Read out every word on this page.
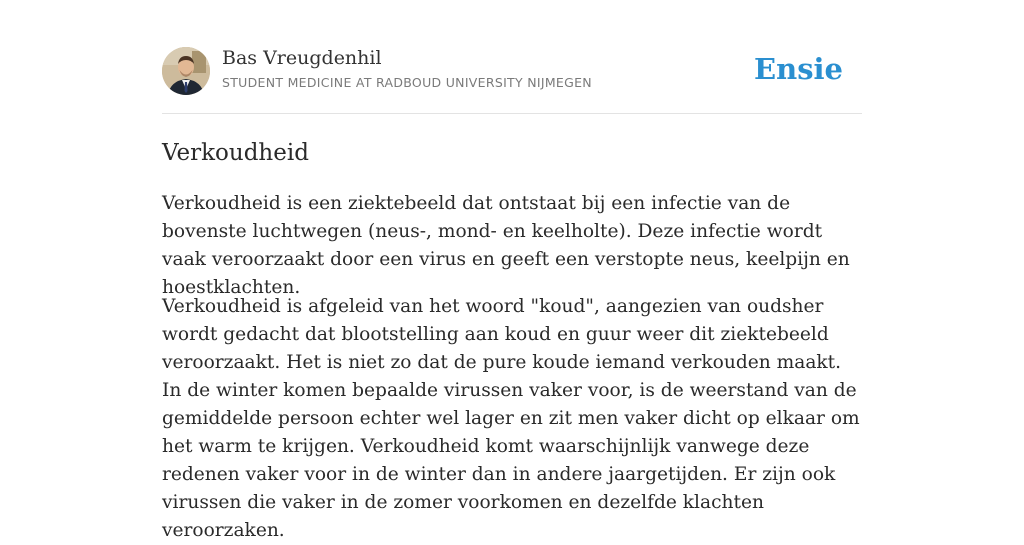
Bas Vreugdenhil
STUDENT MEDICINE AT RADBOUD UNIVERSITY NIJMEGEN	Ensie
Verkoudheid

Verkoudheid is een ziektebeeld dat ontstaat bij een infectie van de bovenste luchtwegen (neus-, mond- en keelholte). Deze infectie wordt vaak veroorzaakt door een virus en geeft een verstopte neus, keelpijn en hoestklachten.

Verkoudheid is afgeleid van het woord "koud", aangezien van oudsher wordt gedacht dat blootstelling aan koud en guur weer dit ziektebeeld veroorzaakt. Het is niet zo dat de pure koude iemand verkouden maakt. In de winter komen bepaalde virussen vaker voor, is de weerstand van de gemiddelde persoon echter wel lager en zit men vaker dicht op elkaar om het warm te krijgen. Verkoudheid komt waarschijnlijk vanwege deze redenen vaker voor in de winter dan in andere jaargetijden. Er zijn ook virussen die vaker in de zomer voorkomen en dezelfde klachten veroorzaken.
